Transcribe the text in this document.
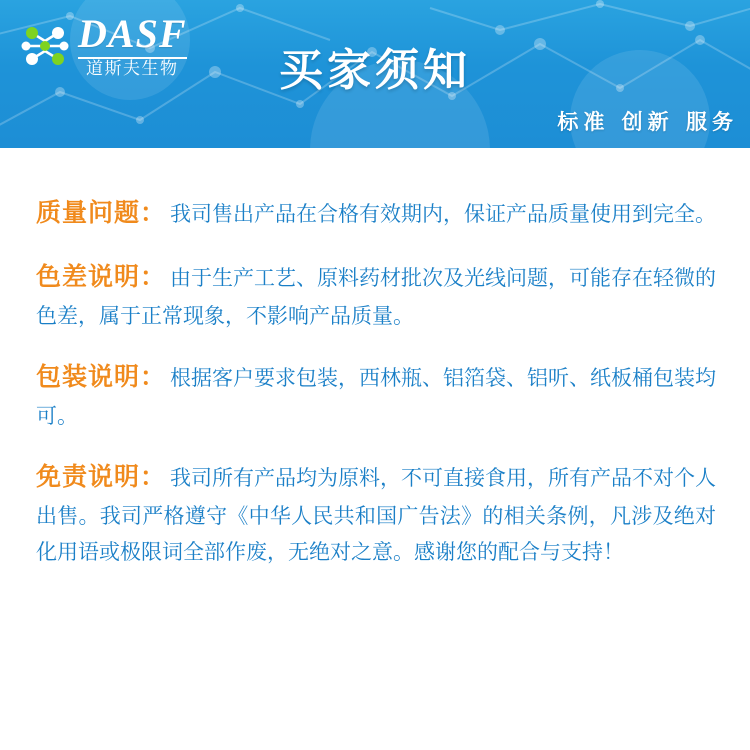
DASF
道斯夫生物	买家须知
标准 创新 服务

质量问题： 我司售出产品在合格有效期内，保证产品质量使用到完全。

色差说明： 由于生产工艺、原料药材批次及光线问题，可能存在轻微的色差，属于正常现象，不影响产品质量。

包装说明： 根据客户要求包装，西林瓶、铝箔袋、铝听、纸板桶包装均可。

免责说明： 我司所有产品均为原料，不可直接食用，所有产品不对个人出售。我司严格遵守《中华人民共和国广告法》的相关条例，凡涉及绝对化用语或极限词全部作废，无绝对之意。感谢您的配合与支持！
